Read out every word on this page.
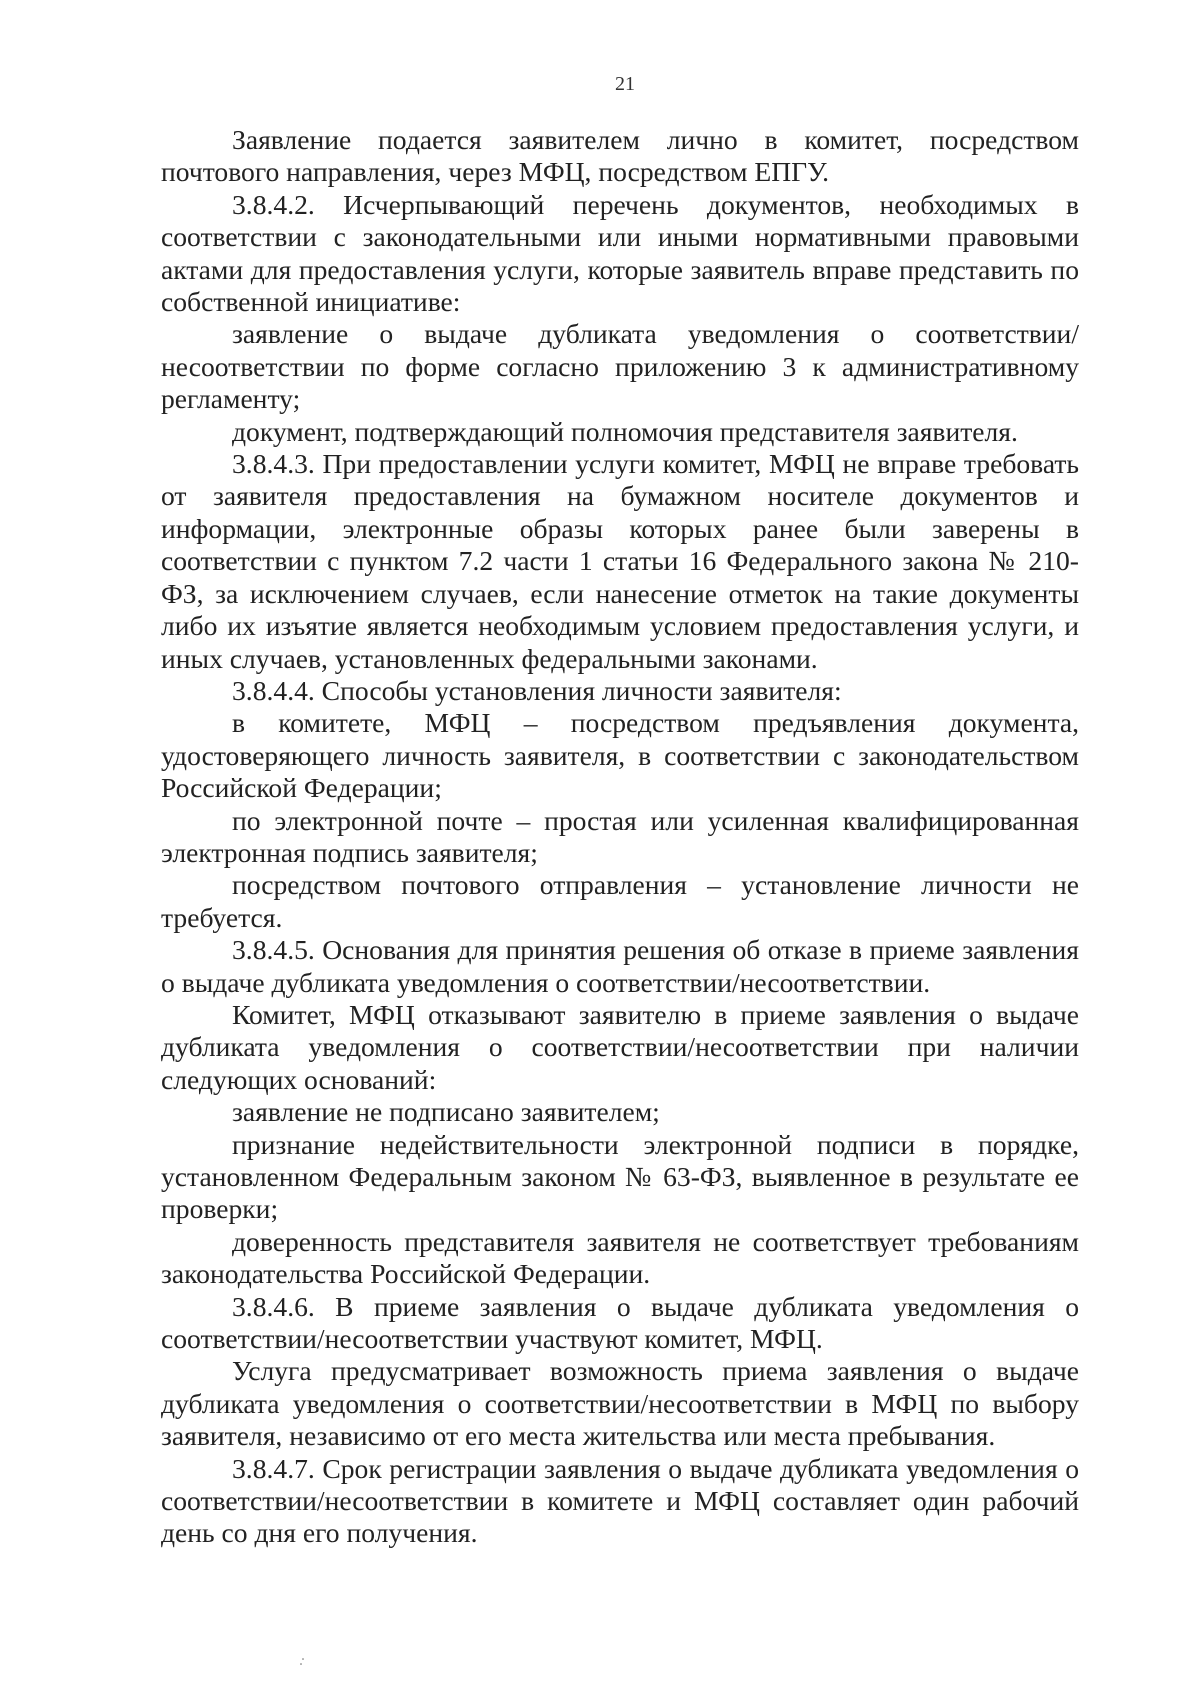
21

Заявление подается заявителем лично в комитет, посредством почтового направления, через МФЦ, посредством ЕПГУ.

3.8.4.2. Исчерпывающий перечень документов, необходимых в соответствии с законодательными или иными нормативными правовыми актами для предоставления услуги, которые заявитель вправе представить по собственной инициативе:

заявление о выдаче дубликата уведомления о соответствии/несоответствии по форме согласно приложению 3 к административному регламенту;

документ, подтверждающий полномочия представителя заявителя.

3.8.4.3. При предоставлении услуги комитет, МФЦ не вправе требовать от заявителя предоставления на бумажном носителе документов и информации, электронные образы которых ранее были заверены в соответствии с пунктом 7.2 части 1 статьи 16 Федерального закона № 210-ФЗ, за исключением случаев, если нанесение отметок на такие документы либо их изъятие является необходимым условием предоставления услуги, и иных случаев, установленных федеральными законами.

3.8.4.4. Способы установления личности заявителя:

в комитете, МФЦ – посредством предъявления документа, удостоверяющего личность заявителя, в соответствии с законодательством Российской Федерации;

по электронной почте – простая или усиленная квалифицированная электронная подпись заявителя;

посредством почтового отправления – установление личности не требуется.

3.8.4.5. Основания для принятия решения об отказе в приеме заявления о выдаче дубликата уведомления о соответствии/несоответствии.

Комитет, МФЦ отказывают заявителю в приеме заявления о выдаче дубликата уведомления о соответствии/несоответствии при наличии следующих оснований:

заявление не подписано заявителем;

признание недействительности электронной подписи в порядке, установленном Федеральным законом № 63-ФЗ, выявленное в результате ее проверки;

доверенность представителя заявителя не соответствует требованиям законодательства Российской Федерации.

3.8.4.6. В приеме заявления о выдаче дубликата уведомления о соответствии/несоответствии участвуют комитет, МФЦ.

Услуга предусматривает возможность приема заявления о выдаче дубликата уведомления о соответствии/несоответствии в МФЦ по выбору заявителя, независимо от его места жительства или места пребывания.

3.8.4.7. Срок регистрации заявления о выдаче дубликата уведомления о соответствии/несоответствии в комитете и МФЦ составляет один рабочий день со дня его получения.
